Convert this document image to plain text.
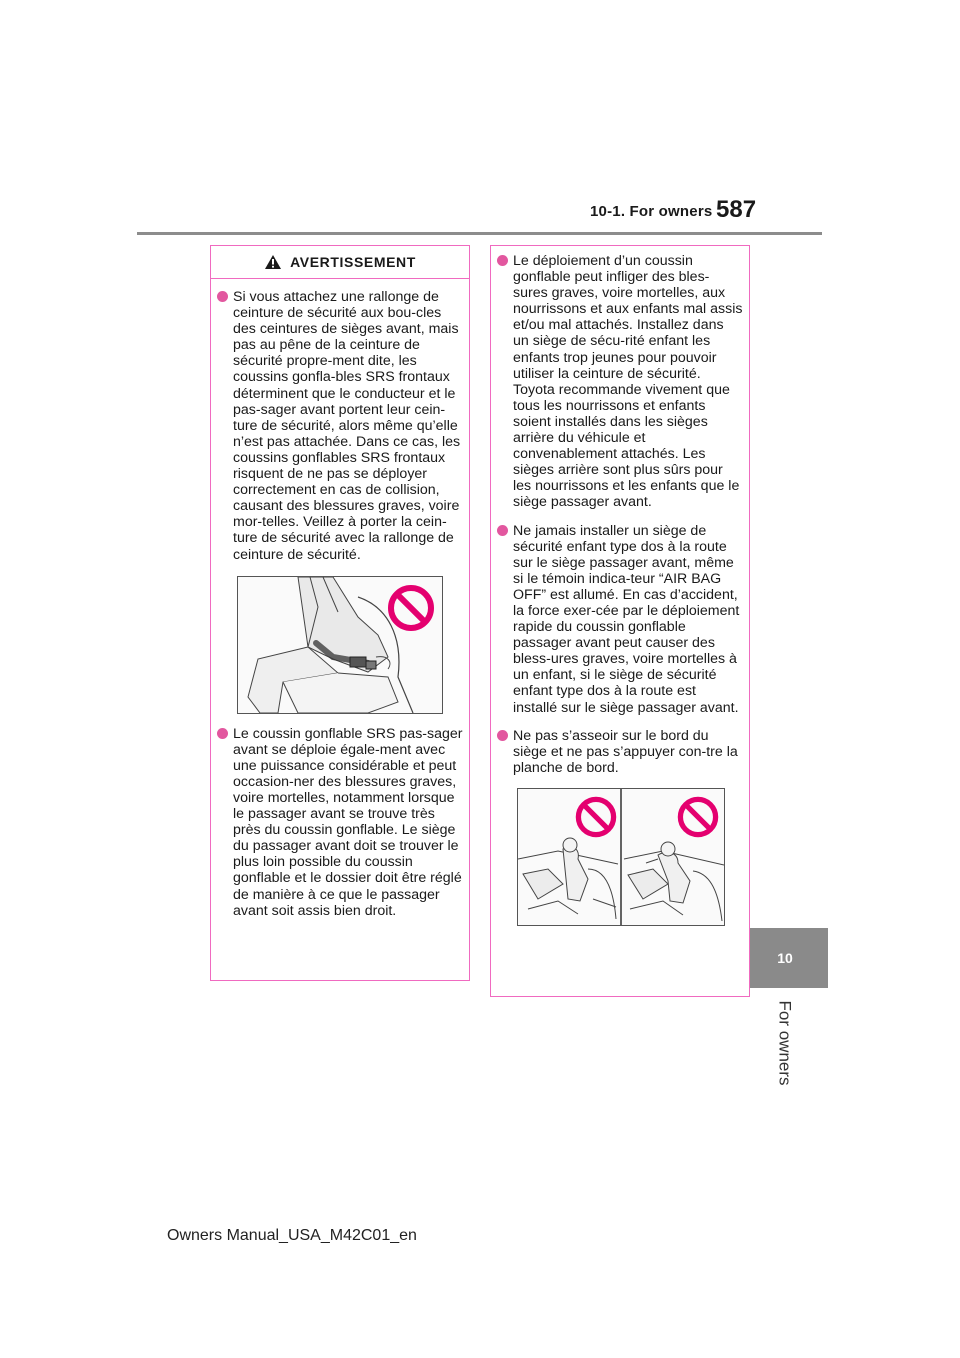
10-1. For owners 587
10
For owners
AVERTISSEMENT

Si vous attachez une rallonge de ceinture de sécurité aux bou-cles des ceintures de sièges avant, mais pas au pêne de la ceinture de sécurité propre-ment dite, les coussins gonfla-bles SRS frontaux déterminent que le conducteur et le pas-sager avant portent leur cein-ture de sécurité, alors même qu’elle n’est pas attachée. Dans ce cas, les coussins gonflables SRS frontaux risquent de ne pas se déployer correctement en cas de collision, causant des blessures graves, voire mor-telles. Veillez à porter la cein-ture de sécurité avec la rallonge de ceinture de sécurité.

Le coussin gonflable SRS pas-sager avant se déploie égale-ment avec une puissance considérable et peut occasion-ner des blessures graves, voire mortelles, notamment lorsque le passager avant se trouve très près du coussin gonflable. Le siège du passager avant doit se trouver le plus loin possible du coussin gonflable et le dossier doit être réglé de manière à ce que le passager avant soit assis bien droit.

Le déploiement d’un coussin gonflable peut infliger des bles-sures graves, voire mortelles, aux nourrissons et aux enfants mal assis et/ou mal attachés. Installez dans un siège de sécu-rité enfant les enfants trop jeunes pour pouvoir utiliser la ceinture de sécurité.

Toyota recommande vivement que tous les nourrissons et enfants soient installés dans les sièges arrière du véhicule et convenablement attachés. Les sièges arrière sont plus sûrs pour les nourrissons et les enfants que le siège passager avant.

Ne jamais installer un siège de sécurité enfant type dos à la route sur le siège passager avant, même si le témoin indica-teur “AIR BAG OFF” est allumé. En cas d’accident, la force exer-cée par le déploiement rapide du coussin gonflable passager avant peut causer des bless-ures graves, voire mortelles à un enfant, si le siège de sécurité enfant type dos à la route est installé sur le siège passager avant.

Ne pas s’asseoir sur le bord du siège et ne pas s’appuyer con-tre la planche de bord.

Owners Manual_USA_M42C01_en
